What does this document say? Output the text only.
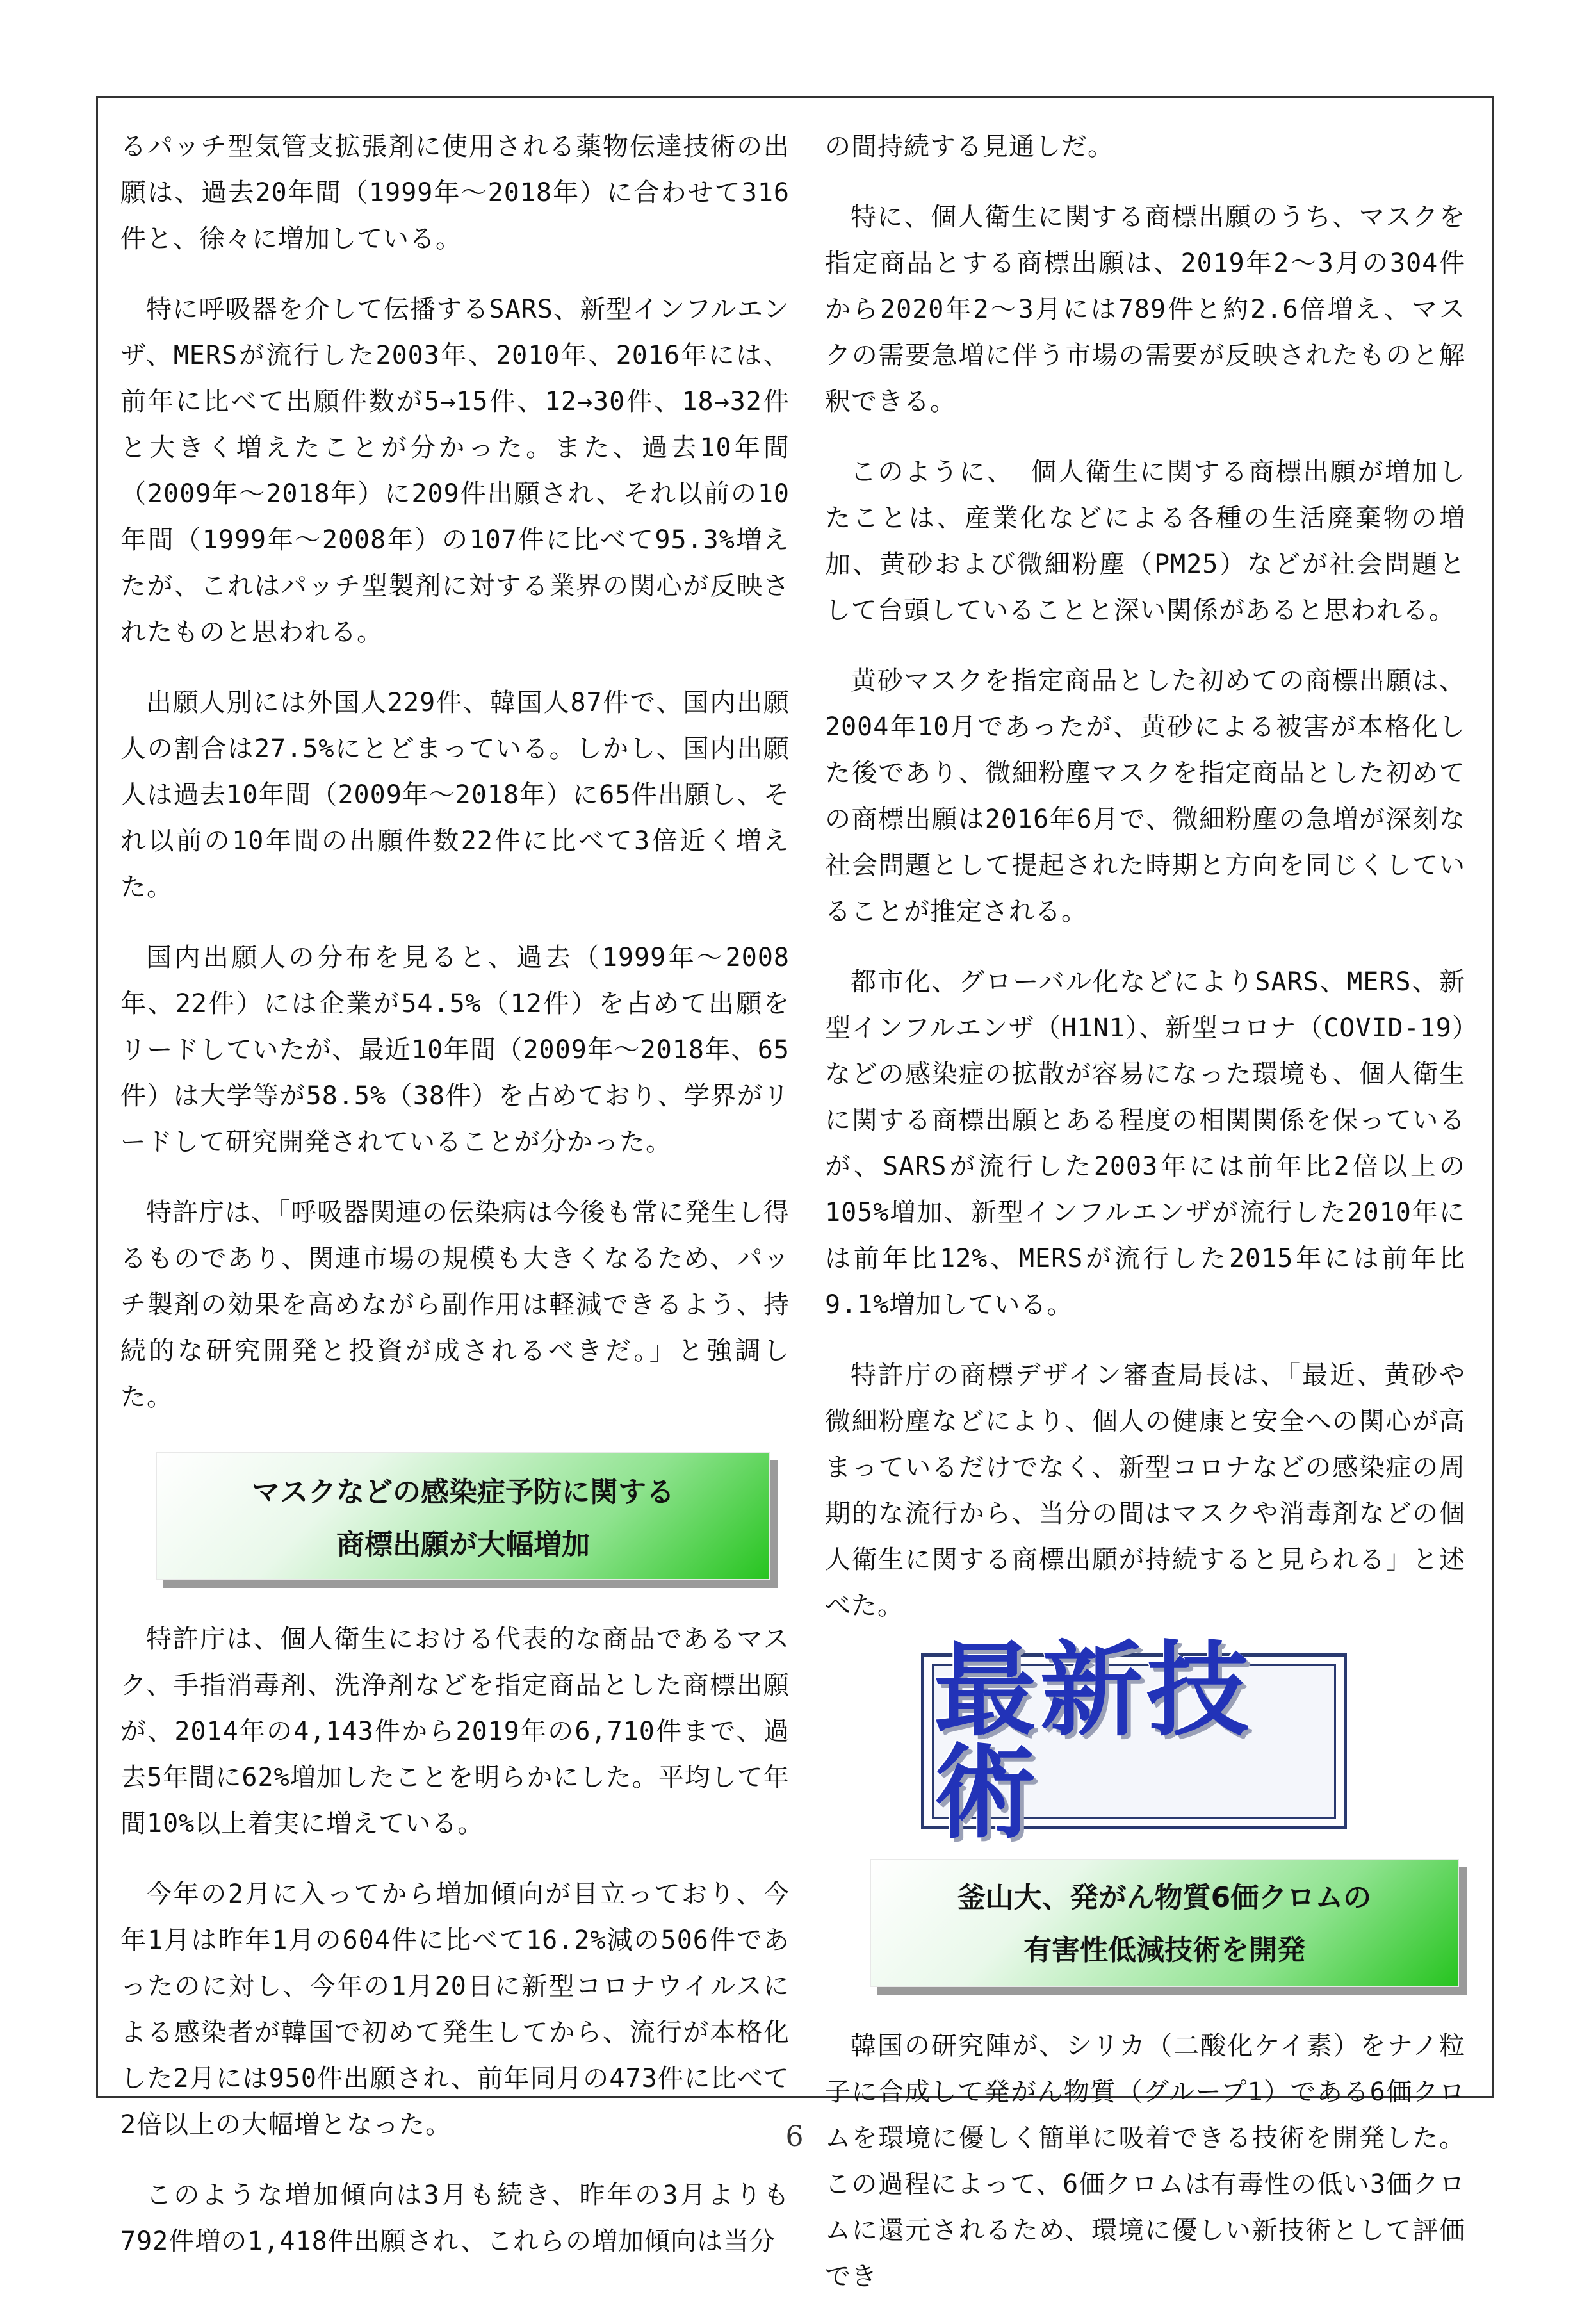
るパッチ型気管支拡張剤に使用される薬物伝達技術の出願は、過去20年間（1999年～2018年）に合わせて316件と、徐々に増加している。

特に呼吸器を介して伝播するSARS、新型インフルエンザ、MERSが流行した2003年、2010年、2016年には、前年に比べて出願件数が5→15件、12→30件、18→32件と大きく増えたことが分かった。また、過去10年間（2009年～2018年）に209件出願され、それ以前の10年間（1999年～2008年）の107件に比べて95.3%増えたが、これはパッチ型製剤に対する業界の関心が反映されたものと思われる。

出願人別には外国人229件、韓国人87件で、国内出願人の割合は27.5%にとどまっている。しかし、国内出願人は過去10年間（2009年～2018年）に65件出願し、それ以前の10年間の出願件数22件に比べて3倍近く増えた。

国内出願人の分布を見ると、過去（1999年～2008年、22件）には企業が54.5%（12件）を占めて出願をリードしていたが、最近10年間（2009年～2018年、65件）は大学等が58.5%（38件）を占めており、学界がリードして研究開発されていることが分かった。

特許庁は、「呼吸器関連の伝染病は今後も常に発生し得るものであり、関連市場の規模も大きくなるため、パッチ製剤の効果を高めながら副作用は軽減できるよう、持続的な研究開発と投資が成されるべきだ。」と強調した。

マスクなどの感染症予防に関する
商標出願が大幅増加

特許庁は、個人衛生における代表的な商品であるマスク、手指消毒剤、洗浄剤などを指定商品とした商標出願が、2014年の4,143件から2019年の6,710件まで、過去5年間に62%増加したことを明らかにした。平均して年間10%以上着実に増えている。

今年の2月に入ってから増加傾向が目立っており、今年1月は昨年1月の604件に比べて16.2%減の506件であったのに対し、今年の1月20日に新型コロナウイルスによる感染者が韓国で初めて発生してから、流行が本格化した2月には950件出願され、前年同月の473件に比べて2倍以上の大幅増となった。

このような増加傾向は3月も続き、昨年の3月よりも792件増の1,418件出願され、これらの増加傾向は当分

の間持続する見通しだ。

特に、個人衛生に関する商標出願のうち、マスクを指定商品とする商標出願は、2019年2～3月の304件から2020年2～3月には789件と約2.6倍増え、マスクの需要急増に伴う市場の需要が反映されたものと解釈できる。

このように、 個人衛生に関する商標出願が増加したことは、産業化などによる各種の生活廃棄物の増加、黄砂および微細粉塵（PM25）などが社会問題として台頭していることと深い関係があると思われる。

黄砂マスクを指定商品とした初めての商標出願は、2004年10月であったが、黄砂による被害が本格化した後であり、微細粉塵マスクを指定商品とした初めての商標出願は2016年6月で、微細粉塵の急増が深刻な社会問題として提起された時期と方向を同じくしていることが推定される。

都市化、グローバル化などによりSARS、MERS、新型インフルエンザ（H1N1）、新型コロナ（COVID-19）などの感染症の拡散が容易になった環境も、個人衛生に関する商標出願とある程度の相関関係を保っているが、SARSが流行した2003年には前年比2倍以上の105%増加、新型インフルエンザが流行した2010年には前年比12%、MERSが流行した2015年には前年比9.1%増加している。

特許庁の商標デザイン審査局長は、「最近、黄砂や微細粉塵などにより、個人の健康と安全への関心が高まっているだけでなく、新型コロナなどの感染症の周期的な流行から、当分の間はマスクや消毒剤などの個人衛生に関する商標出願が持続すると見られる」と述べた。

最新技術
釜山大、発がん物質6価クロムの
有害性低減技術を開発

韓国の研究陣が、シリカ（二酸化ケイ素）をナノ粒子に合成して発がん物質（グループ1）である6価クロムを環境に優しく簡単に吸着できる技術を開発した。この過程によって、6価クロムは有毒性の低い3価クロムに還元されるため、環境に優しい新技術として評価でき

6
